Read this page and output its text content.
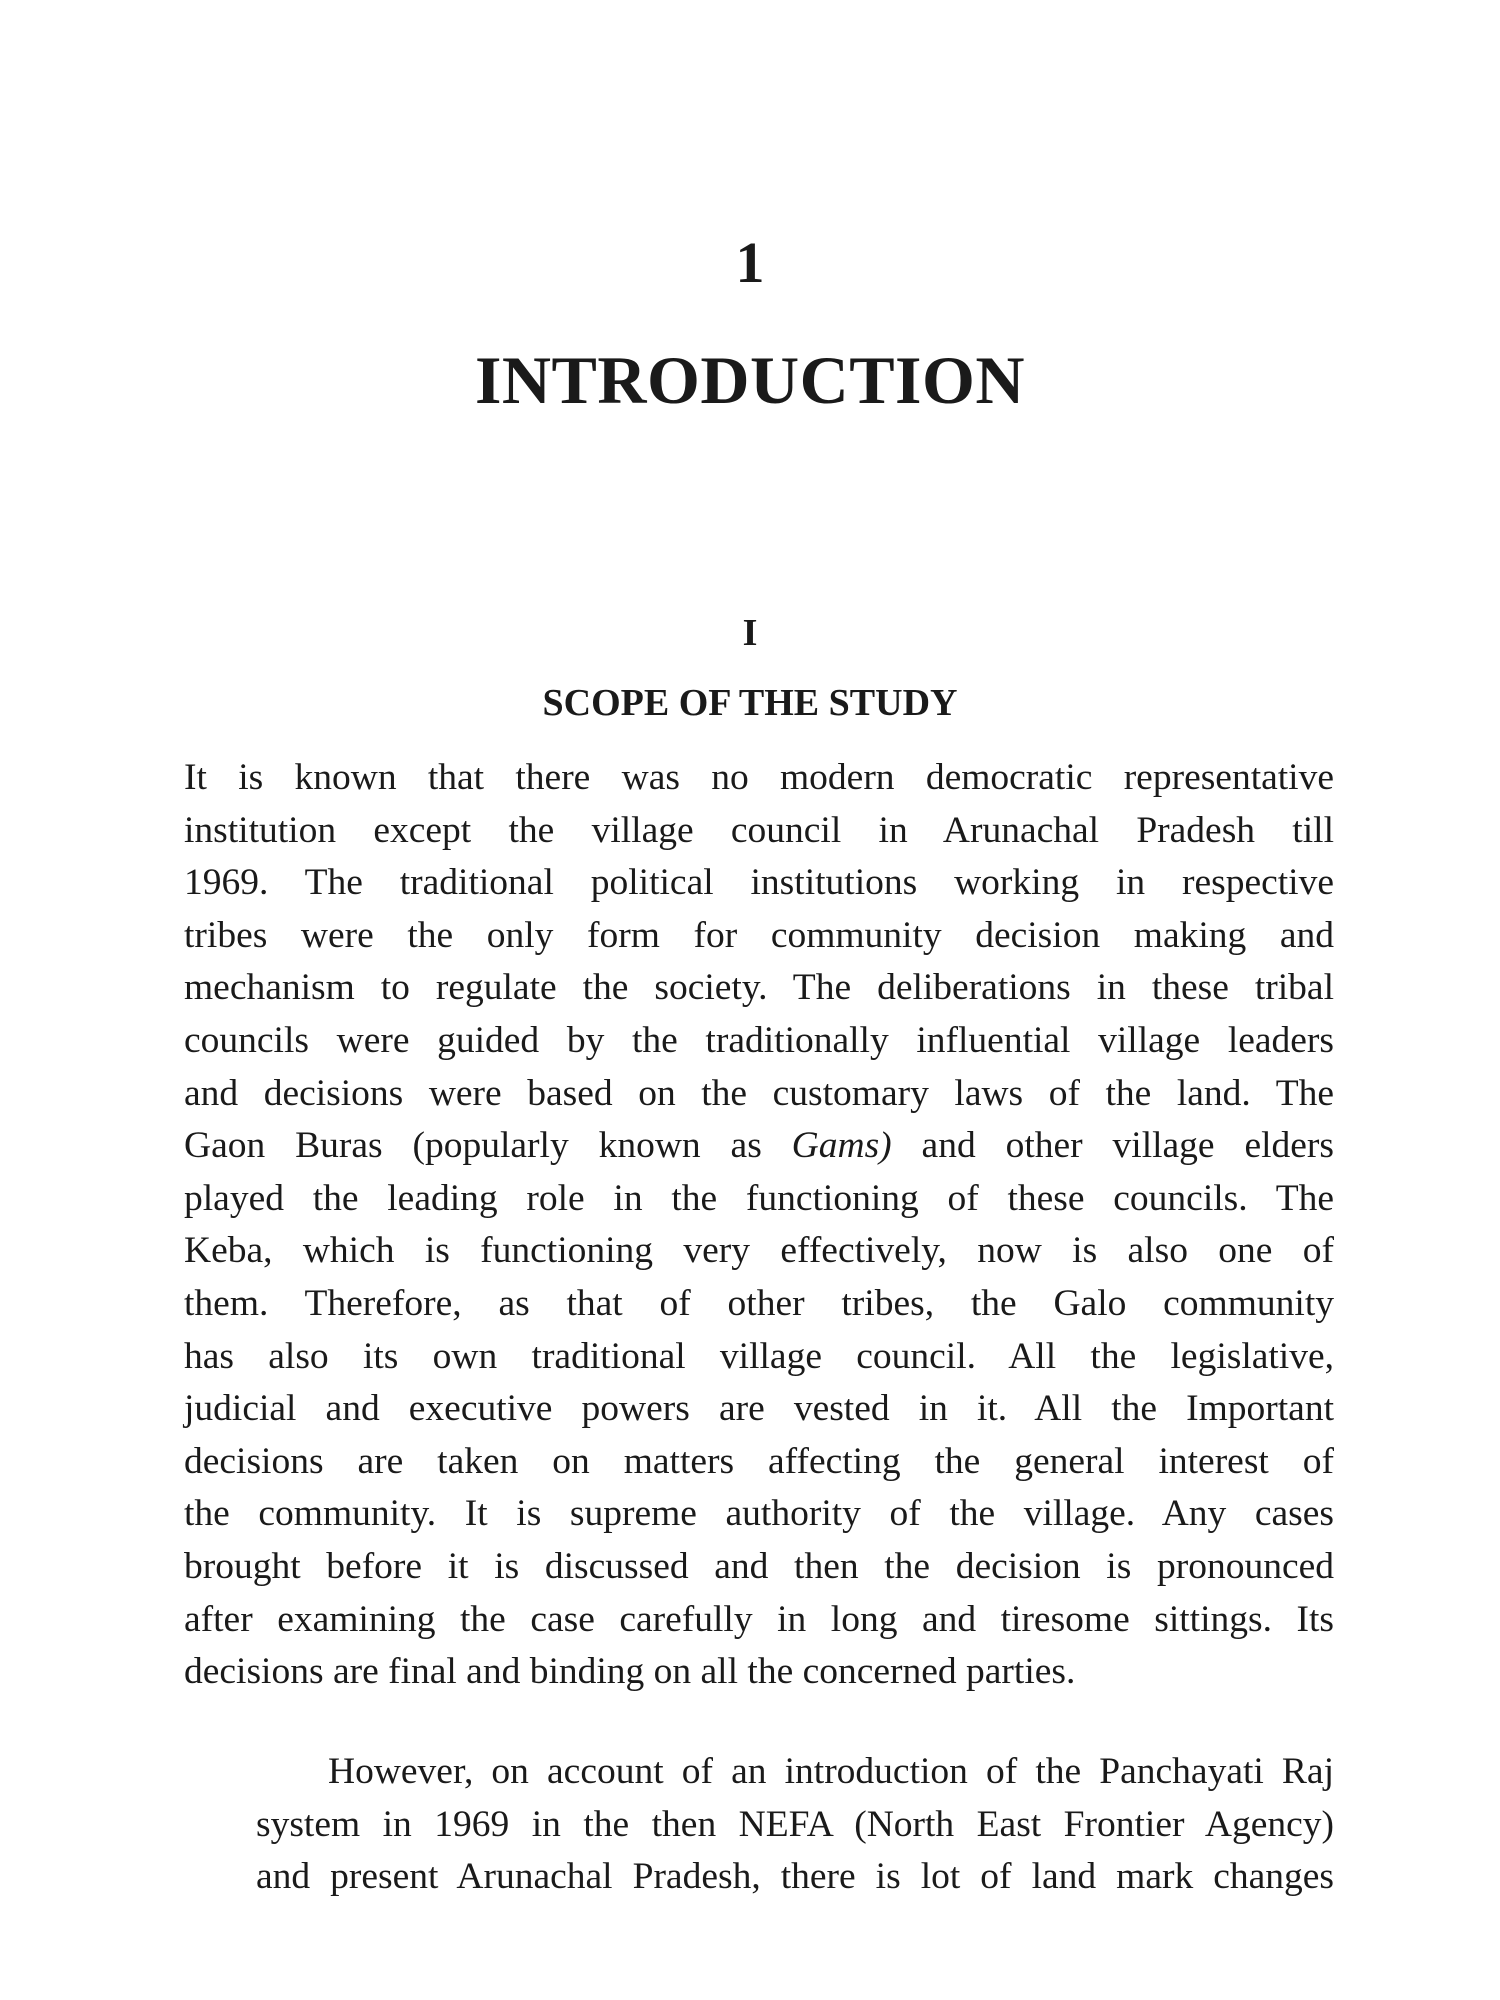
1
INTRODUCTION
I
SCOPE OF THE STUDY
It is known that there was no modern democratic representative
institution except the village council in Arunachal Pradesh till
1969. The traditional political institutions working in respective
tribes were the only form for community decision making and
mechanism to regulate the society. The deliberations in these tribal
councils were guided by the traditionally influential village leaders
and decisions were based on the customary laws of the land. The
Gaon Buras (popularly known as Gams) and other village elders
played the leading role in the functioning of these councils. The
Keba, which is functioning very effectively, now is also one of
them. Therefore, as that of other tribes, the Galo community
has also its own traditional village council. All the legislative,
judicial and executive powers are vested in it. All the Important
decisions are taken on matters affecting the general interest of
the community. It is supreme authority of the village. Any cases
brought before it is discussed and then the decision is pronounced
after examining the case carefully in long and tiresome sittings. Its
decisions are final and binding on all the concerned parties.
However, on account of an introduction of the Panchayati Raj
system in 1969 in the then NEFA (North East Frontier Agency)
and present Arunachal Pradesh, there is lot of land mark changes
